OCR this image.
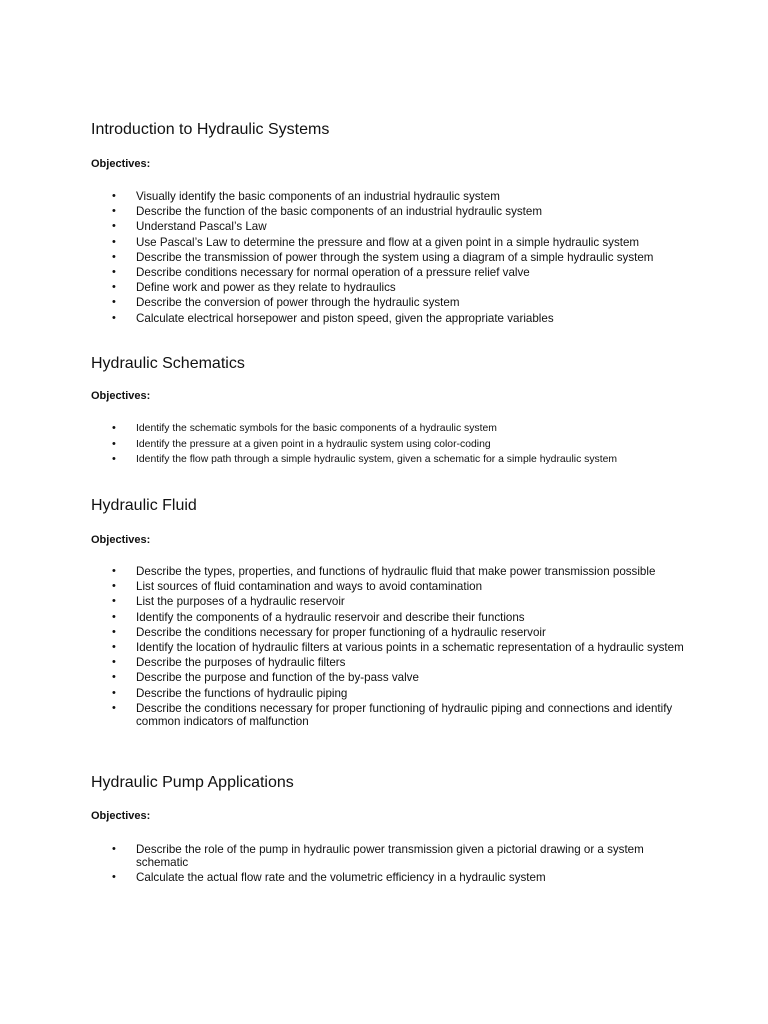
Introduction to Hydraulic Systems

Objectives:

• Visually identify the basic components of an industrial hydraulic system
• Describe the function of the basic components of an industrial hydraulic system
• Understand Pascal’s Law
• Use Pascal’s Law to determine the pressure and flow at a given point in a simple hydraulic system
• Describe the transmission of power through the system using a diagram of a simple hydraulic system
• Describe conditions necessary for normal operation of a pressure relief valve
• Define work and power as they relate to hydraulics
• Describe the conversion of power through the hydraulic system
• Calculate electrical horsepower and piston speed, given the appropriate variables
Hydraulic Schematics

Objectives:

• Identify the schematic symbols for the basic components of a hydraulic system
• Identify the pressure at a given point in a hydraulic system using color-coding
• Identify the flow path through a simple hydraulic system, given a schematic for a simple hydraulic system
Hydraulic Fluid

Objectives:

• Describe the types, properties, and functions of hydraulic fluid that make power transmission possible
• List sources of fluid contamination and ways to avoid contamination
• List the purposes of a hydraulic reservoir
• Identify the components of a hydraulic reservoir and describe their functions
• Describe the conditions necessary for proper functioning of a hydraulic reservoir
• Identify the location of hydraulic filters at various points in a schematic representation of a hydraulic system
• Describe the purposes of hydraulic filters
• Describe the purpose and function of the by-pass valve
• Describe the functions of hydraulic piping
• Describe the conditions necessary for proper functioning of hydraulic piping and connections and identify common indicators of malfunction
Hydraulic Pump Applications

Objectives:

• Describe the role of the pump in hydraulic power transmission given a pictorial drawing or a system schematic
• Calculate the actual flow rate and the volumetric efficiency in a hydraulic system
